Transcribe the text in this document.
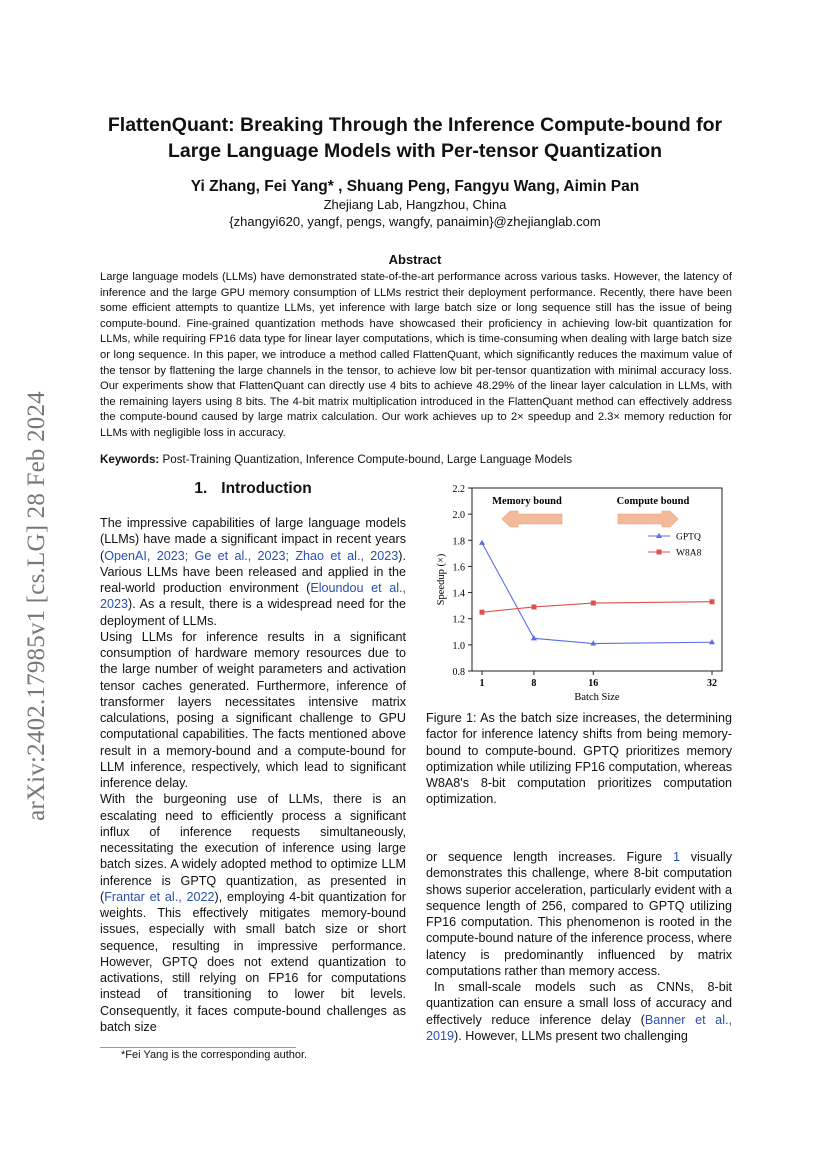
arXiv:2402.17985v1 [cs.LG] 28 Feb 2024
FlattenQuant: Breaking Through the Inference Compute-bound for
Large Language Models with Per-tensor Quantization
Yi Zhang, Fei Yang* , Shuang Peng, Fangyu Wang, Aimin Pan
Zhejiang Lab, Hangzhou, China
{zhangyi620, yangf, pengs, wangfy, panaimin}@zhejianglab.com
Abstract
Large language models (LLMs) have demonstrated state-of-the-art performance across various tasks. However, the latency of inference and the large GPU memory consumption of LLMs restrict their deployment performance. Recently, there have been some efficient attempts to quantize LLMs, yet inference with large batch size or long sequence still has the issue of being compute-bound. Fine-grained quantization methods have showcased their proficiency in achieving low-bit quantization for LLMs, while requiring FP16 data type for linear layer computations, which is time-consuming when dealing with large batch size or long sequence. In this paper, we introduce a method called FlattenQuant, which significantly reduces the maximum value of the tensor by flattening the large channels in the tensor, to achieve low bit per-tensor quantization with minimal accuracy loss. Our experiments show that FlattenQuant can directly use 4 bits to achieve 48.29% of the linear layer calculation in LLMs, with the remaining layers using 8 bits. The 4-bit matrix multiplication introduced in the FlattenQuant method can effectively address the compute-bound caused by large matrix calculation. Our work achieves up to 2× speedup and 2.3× memory reduction for LLMs with negligible loss in accuracy.
Keywords: Post-Training Quantization, Inference Compute-bound, Large Language Models
1. Introduction

The impressive capabilities of large language models (LLMs) have made a significant impact in recent years (OpenAI, 2023; Ge et al., 2023; Zhao et al., 2023). Various LLMs have been released and applied in the real-world production environment (Eloundou et al., 2023). As a result, there is a widespread need for the deployment of LLMs.

Using LLMs for inference results in a significant consumption of hardware memory resources due to the large number of weight parameters and activation tensor caches generated. Furthermore, inference of transformer layers necessitates intensive matrix calculations, posing a significant challenge to GPU computational capabilities. The facts mentioned above result in a memory-bound and a compute-bound for LLM inference, respectively, which lead to significant inference delay.

With the burgeoning use of LLMs, there is an escalating need to efficiently process a significant influx of inference requests simultaneously, necessitating the execution of inference using large batch sizes. A widely adopted method to optimize LLM inference is GPTQ quantization, as presented in (Frantar et al., 2022), employing 4-bit quantization for weights. This effectively mitigates memory-bound issues, especially with small batch size or short sequence, resulting in impressive performance. However, GPTQ does not extend quantization to activations, still relying on FP16 for computations instead of transitioning to lower bit levels. Consequently, it faces compute-bound challenges as batch size

0.8
1.0
1.2
1.4
1.6
1.8
2.0
2.2
1	8	16	32
Batch Size
Speedup (×)
Memory bound	Compute bound
GPTQ
W8A8
Figure 1: As the batch size increases, the determining factor for inference latency shifts from being memory-bound to compute-bound. GPTQ prioritizes memory optimization while utilizing FP16 computation, whereas W8A8's 8-bit computation prioritizes computation optimization.

or sequence length increases. Figure 1 visually demonstrates this challenge, where 8-bit computation shows superior acceleration, particularly evident with a sequence length of 256, compared to GPTQ utilizing FP16 computation. This phenomenon is rooted in the compute-bound nature of the inference process, where latency is predominantly influenced by matrix computations rather than memory access.

In small-scale models such as CNNs, 8-bit quantization can ensure a small loss of accuracy and effectively reduce inference delay (Banner et al., 2019). However, LLMs present two challenging

*Fei Yang is the corresponding author.
